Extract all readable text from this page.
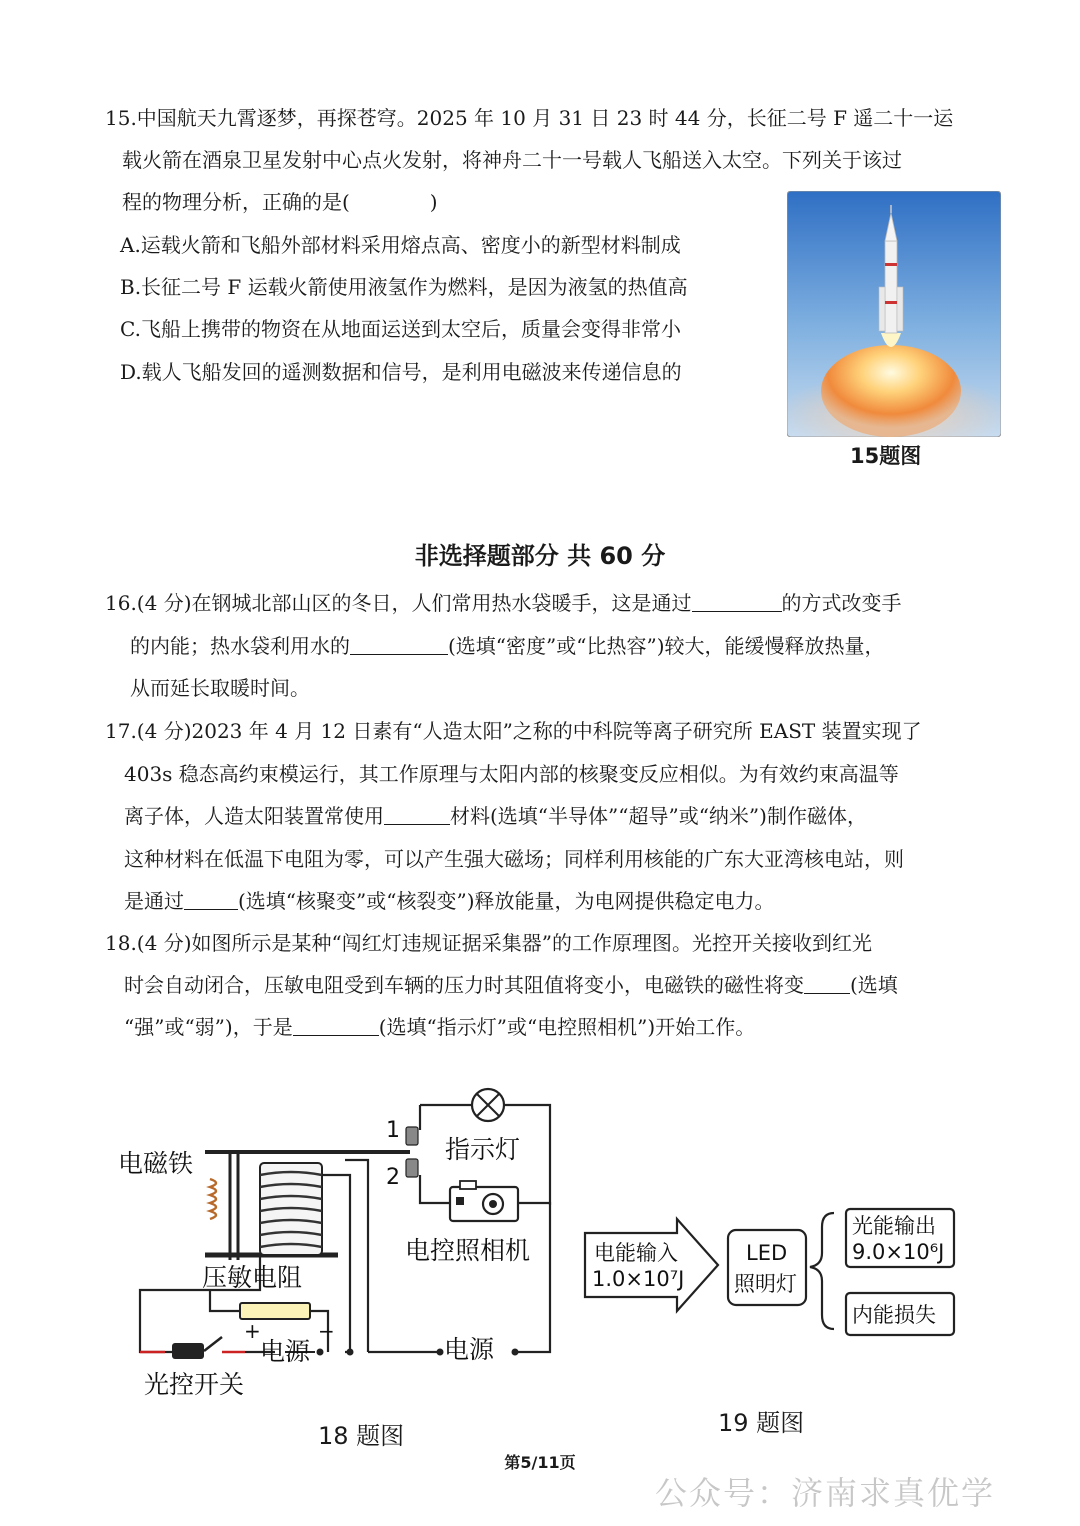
15.中国航天九霄逐梦，再探苍穹。2025 年 10 月 31 日 23 时 44 分，长征二号 F 遥二十一运
载火箭在酒泉卫星发射中心点火发射，将神舟二十一号载人飞船送入太空。下列关于该过
程的物理分析，正确的是(　　　　)
A.运载火箭和飞船外部材料采用熔点高、密度小的新型材料制成
B.长征二号 F 运载火箭使用液氢作为燃料，是因为液氢的热值高
C.飞船上携带的物资在从地面运送到太空后，质量会变得非常小
D.载人飞船发回的遥测数据和信号，是利用电磁波来传递信息的
15题图
非选择题部分 共 60 分
16.(4 分)在钢城北部山区的冬日，人们常用热水袋暖手，这是通过	的方式改变手
的内能；热水袋利用水的	(选填“密度”或“比热容”)较大，能缓慢释放热量，
从而延长取暖时间。
17.(4 分)2023 年 4 月 12 日素有“人造太阳”之称的中科院等离子研究所 EAST 装置实现了
403s 稳态高约束模运行，其工作原理与太阳内部的核聚变反应相似。为有效约束高温等
离子体，人造太阳装置常使用	材料(选填“半导体”“超导”或“纳米”)制作磁体，
这种材料在低温下电阻为零，可以产生强大磁场；同样利用核能的广东大亚湾核电站，则
是通过	(选填“核聚变”或“核裂变”)释放能量，为电网提供稳定电力。
18.(4 分)如图所示是某种“闯红灯违规证据采集器”的工作原理图。光控开关接收到红光
时会自动闭合，压敏电阻受到车辆的压力时其阻值将变小，电磁铁的磁性将变 (选填
“强”或“弱”)，于是	(选填“指示灯”或“电控照相机”)开始工作。
电磁铁
压敏电阻
光控开关
电源	电源
指示灯
电控照相机
1
2
+	−
18 题图
电能输入
1.0×10⁷J
LED
照明灯
光能输出
9.0×10⁶J
内能损失
19 题图
第5/11页
公众号：济南求真优学
